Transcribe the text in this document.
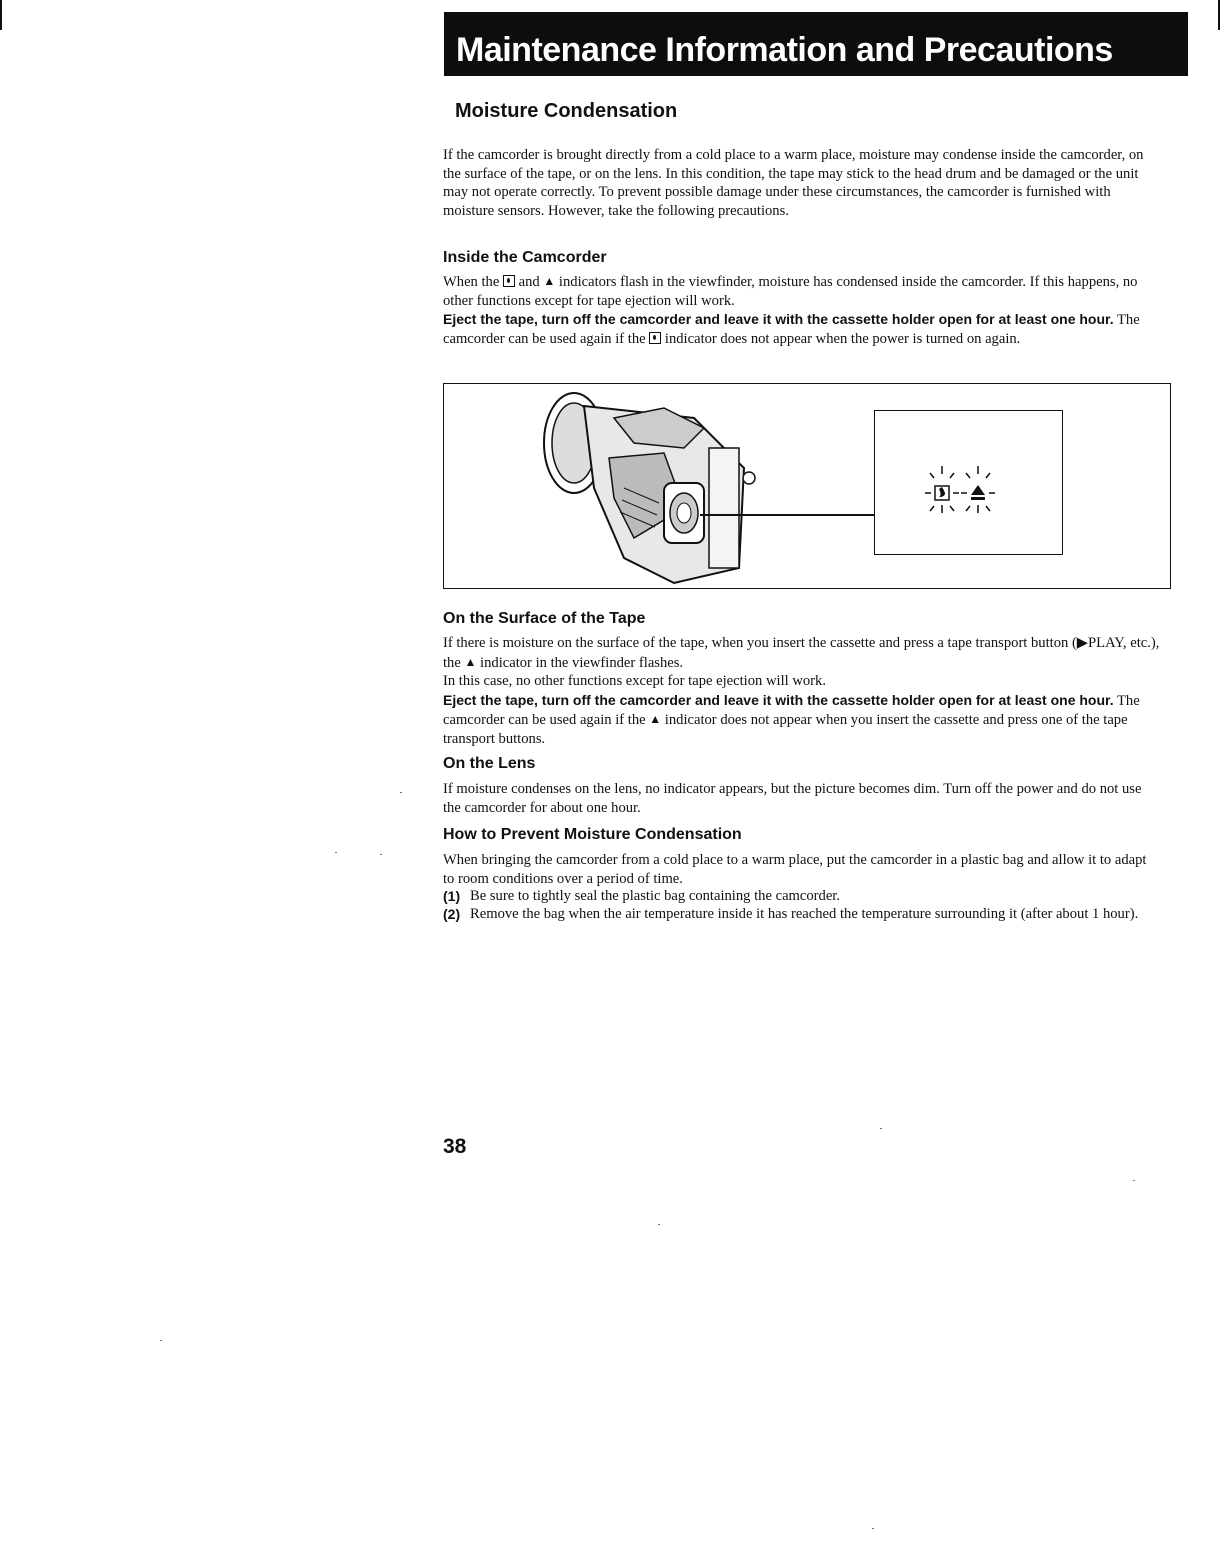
Maintenance Information and Precautions
Moisture Condensation
If the camcorder is brought directly from a cold place to a warm place, moisture may condense inside the camcorder, on the surface of the tape, or on the lens. In this condition, the tape may stick to the head drum and be damaged or the unit may not operate correctly. To prevent possible damage under these circumstances, the camcorder is furnished with moisture sensors. However, take the following precautions.
Inside the Camcorder
When the and ▲ indicators flash in the viewfinder, moisture has condensed inside the camcorder. If this happens, no other functions except for tape ejection will work.
Eject the tape, turn off the camcorder and leave it with the cassette holder open for at least one hour. The camcorder can be used again if the indicator does not appear when the power is turned on again.
On the Surface of the Tape
If there is moisture on the surface of the tape, when you insert the cassette and press a tape transport button (▶PLAY, etc.), the ▲ indicator in the viewfinder flashes.
In this case, no other functions except for tape ejection will work.
Eject the tape, turn off the camcorder and leave it with the cassette holder open for at least one hour. The camcorder can be used again if the ▲ indicator does not appear when you insert the cassette and press one of the tape transport buttons.
On the Lens
If moisture condenses on the lens, no indicator appears, but the picture becomes dim. Turn off the power and do not use the camcorder for about one hour.
How to Prevent Moisture Condensation
When bringing the camcorder from a cold place to a warm place, put the camcorder in a plastic bag and allow it to adapt to room conditions over a period of time.
(1) Be sure to tightly seal the plastic bag containing the camcorder.
(2) Remove the bag when the air temperature inside it has reached the temperature surrounding it (after about 1 hour).
38
